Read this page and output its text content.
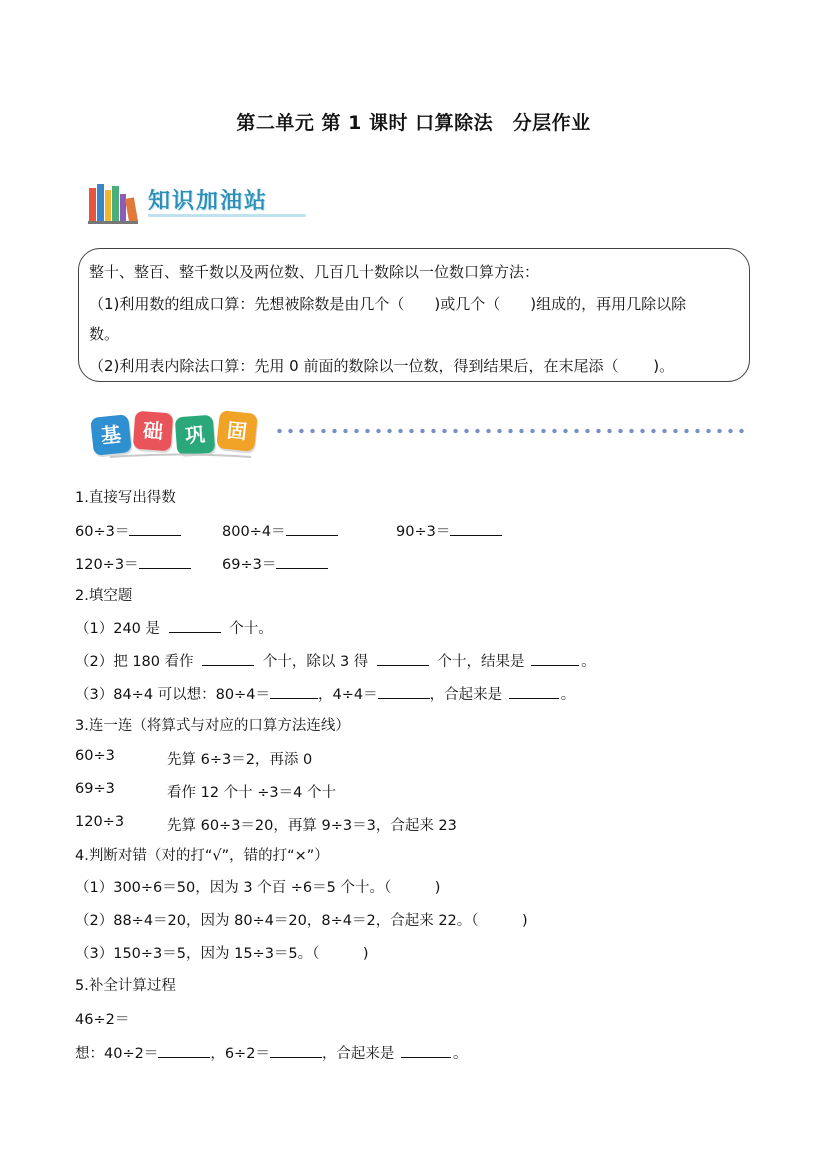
第二单元 第 1 课时 口算除法　分层作业
知识加油站
整十、整百、整千数以及两位数、几百几十数除以一位数口算方法：
（1)利用数的组成口算：先想被除数是由几个（　　)或几个（　　)组成的，再用几除以除
数。
（2)利用表内除法口算：先用 0 前面的数除以一位数，得到结果后，在末尾添（　　 )。
基 础	巩 固
1.直接写出得数
60÷3＝	800÷4＝	90÷3＝
120÷3＝	69÷3＝
2.填空题
（1）240 是	个十。
（2）把 180 看作	个十，除以 3 得	个十，结果是	。
（3）84÷4 可以想：80÷4＝	，4÷4＝	，合起来是	。
3.连一连（将算式与对应的口算方法连线）
60÷3	先算 6÷3＝2，再添 0
69÷3	看作 12 个十 ÷3＝4 个十
120÷3	先算 60÷3＝20，再算 9÷3＝3，合起来 23
4.判断对错（对的打“√”，错的打“×”）
（1）300÷6＝50，因为 3 个百 ÷6＝5 个十。（　　　)
（2）88÷4＝20，因为 80÷4＝20，8÷4＝2，合起来 22。（　　　)
（3）150÷3＝5，因为 15÷3＝5。（　　　)
5.补全计算过程
46÷2＝
想：40÷2＝	，6÷2＝	，合起来是	。
